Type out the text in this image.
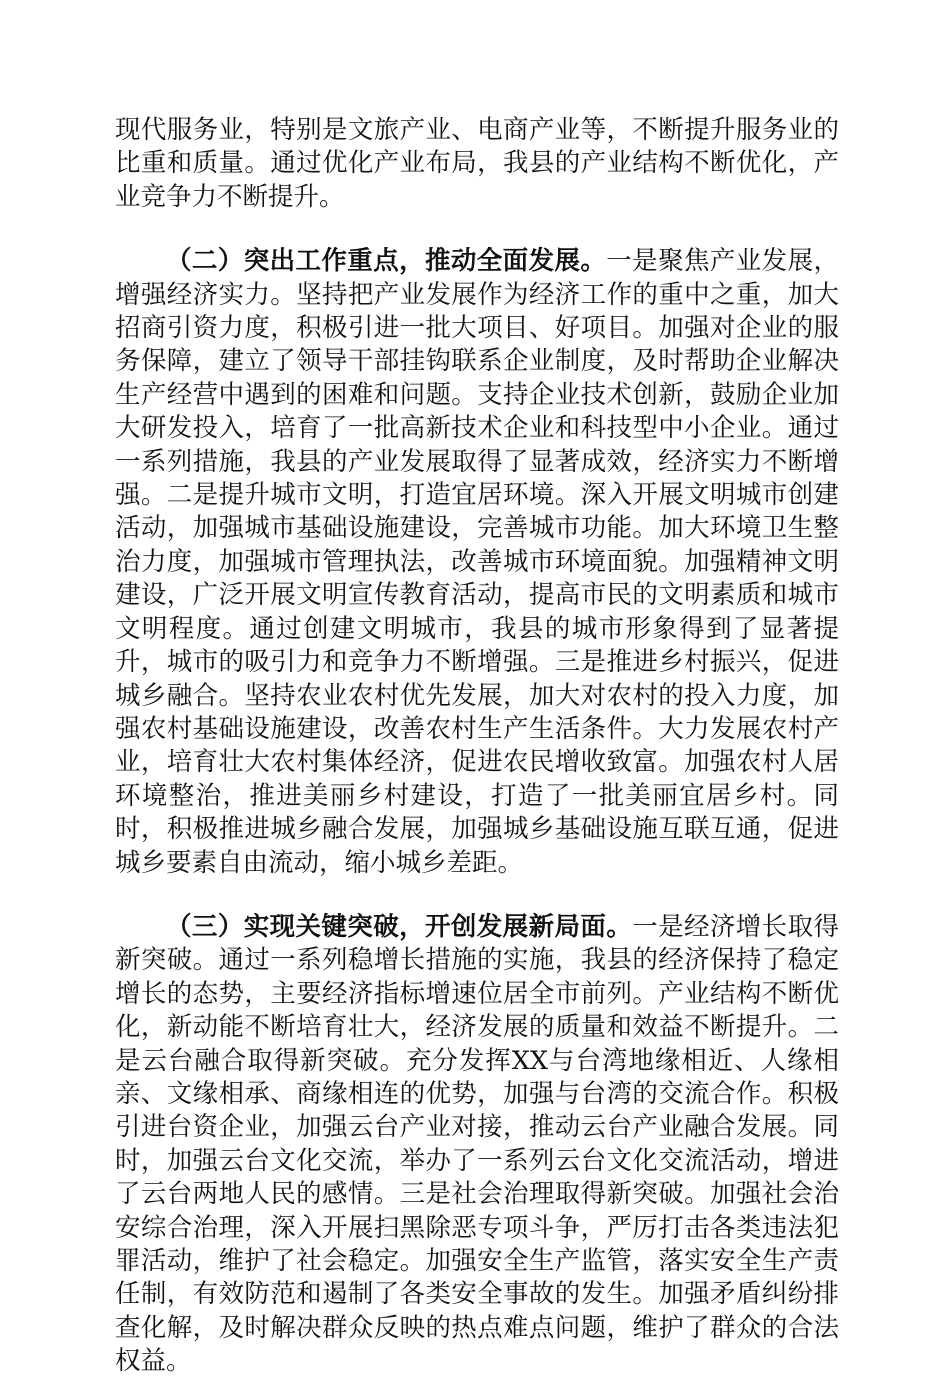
现代服务业，特别是文旅产业、电商产业等，不断提升服务业的比重和质量。通过优化产业布局，我县的产业结构不断优化，产业竞争力不断提升。

（二）突出工作重点，推动全面发展。一是聚焦产业发展，增强经济实力。坚持把产业发展作为经济工作的重中之重，加大招商引资力度，积极引进一批大项目、好项目。加强对企业的服务保障，建立了领导干部挂钩联系企业制度，及时帮助企业解决生产经营中遇到的困难和问题。支持企业技术创新，鼓励企业加大研发投入，培育了一批高新技术企业和科技型中小企业。通过一系列措施，我县的产业发展取得了显著成效，经济实力不断增强。二是提升城市文明，打造宜居环境。深入开展文明城市创建活动，加强城市基础设施建设，完善城市功能。加大环境卫生整治力度，加强城市管理执法，改善城市环境面貌。加强精神文明建设，广泛开展文明宣传教育活动，提高市民的文明素质和城市文明程度。通过创建文明城市，我县的城市形象得到了显著提升，城市的吸引力和竞争力不断增强。三是推进乡村振兴，促进城乡融合。坚持农业农村优先发展，加大对农村的投入力度，加强农村基础设施建设，改善农村生产生活条件。大力发展农村产业，培育壮大农村集体经济，促进农民增收致富。加强农村人居环境整治，推进美丽乡村建设，打造了一批美丽宜居乡村。同时，积极推进城乡融合发展，加强城乡基础设施互联互通，促进城乡要素自由流动，缩小城乡差距。

（三）实现关键突破，开创发展新局面。一是经济增长取得新突破。通过一系列稳增长措施的实施，我县的经济保持了稳定增长的态势，主要经济指标增速位居全市前列。产业结构不断优化，新动能不断培育壮大，经济发展的质量和效益不断提升。二是云台融合取得新突破。充分发挥XX与台湾地缘相近、人缘相亲、文缘相承、商缘相连的优势，加强与台湾的交流合作。积极引进台资企业，加强云台产业对接，推动云台产业融合发展。同时，加强云台文化交流，举办了一系列云台文化交流活动，增进了云台两地人民的感情。三是社会治理取得新突破。加强社会治安综合治理，深入开展扫黑除恶专项斗争，严厉打击各类违法犯罪活动，维护了社会稳定。加强安全生产监管，落实安全生产责任制，有效防范和遏制了各类安全事故的发生。加强矛盾纠纷排查化解，及时解决群众反映的热点难点问题，维护了群众的合法权益。
